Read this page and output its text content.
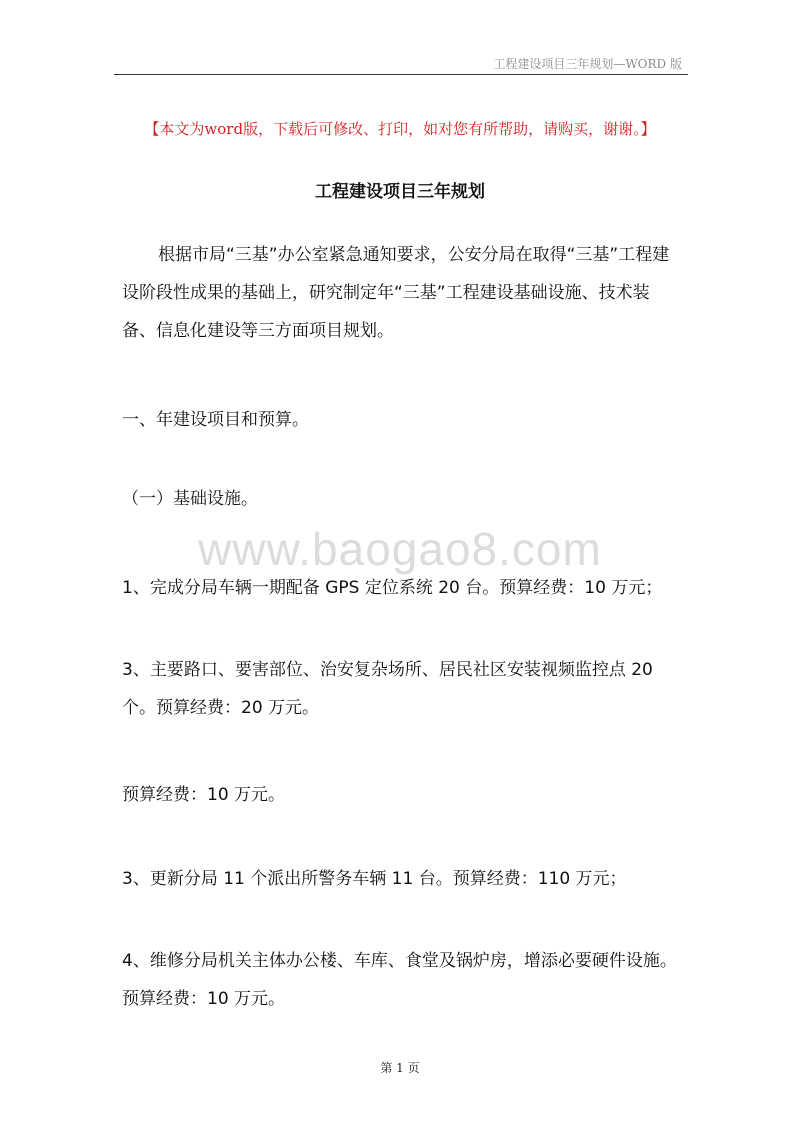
工程建设项目三年规划—WORD 版
【本文为word版，下载后可修改、打印，如对您有所帮助，请购买，谢谢。】
工程建设项目三年规划

根据市局“三基”办公室紧急通知要求，公安分局在取得“三基”工程建设阶段性成果的基础上，研究制定年“三基”工程建设基础设施、技术装备、信息化建设等三方面项目规划。

一、年建设项目和预算。

（一）基础设施。

www.baogao8.com

1、完成分局车辆一期配备 GPS 定位系统 20 台。预算经费：10 万元；

3、主要路口、要害部位、治安复杂场所、居民社区安装视频监控点 20 个。预算经费：20 万元。

预算经费：10 万元。

3、更新分局 11 个派出所警务车辆 11 台。预算经费：110 万元；

4、维修分局机关主体办公楼、车库、食堂及锅炉房，增添必要硬件设施。预算经费：10 万元。

第 1 页
